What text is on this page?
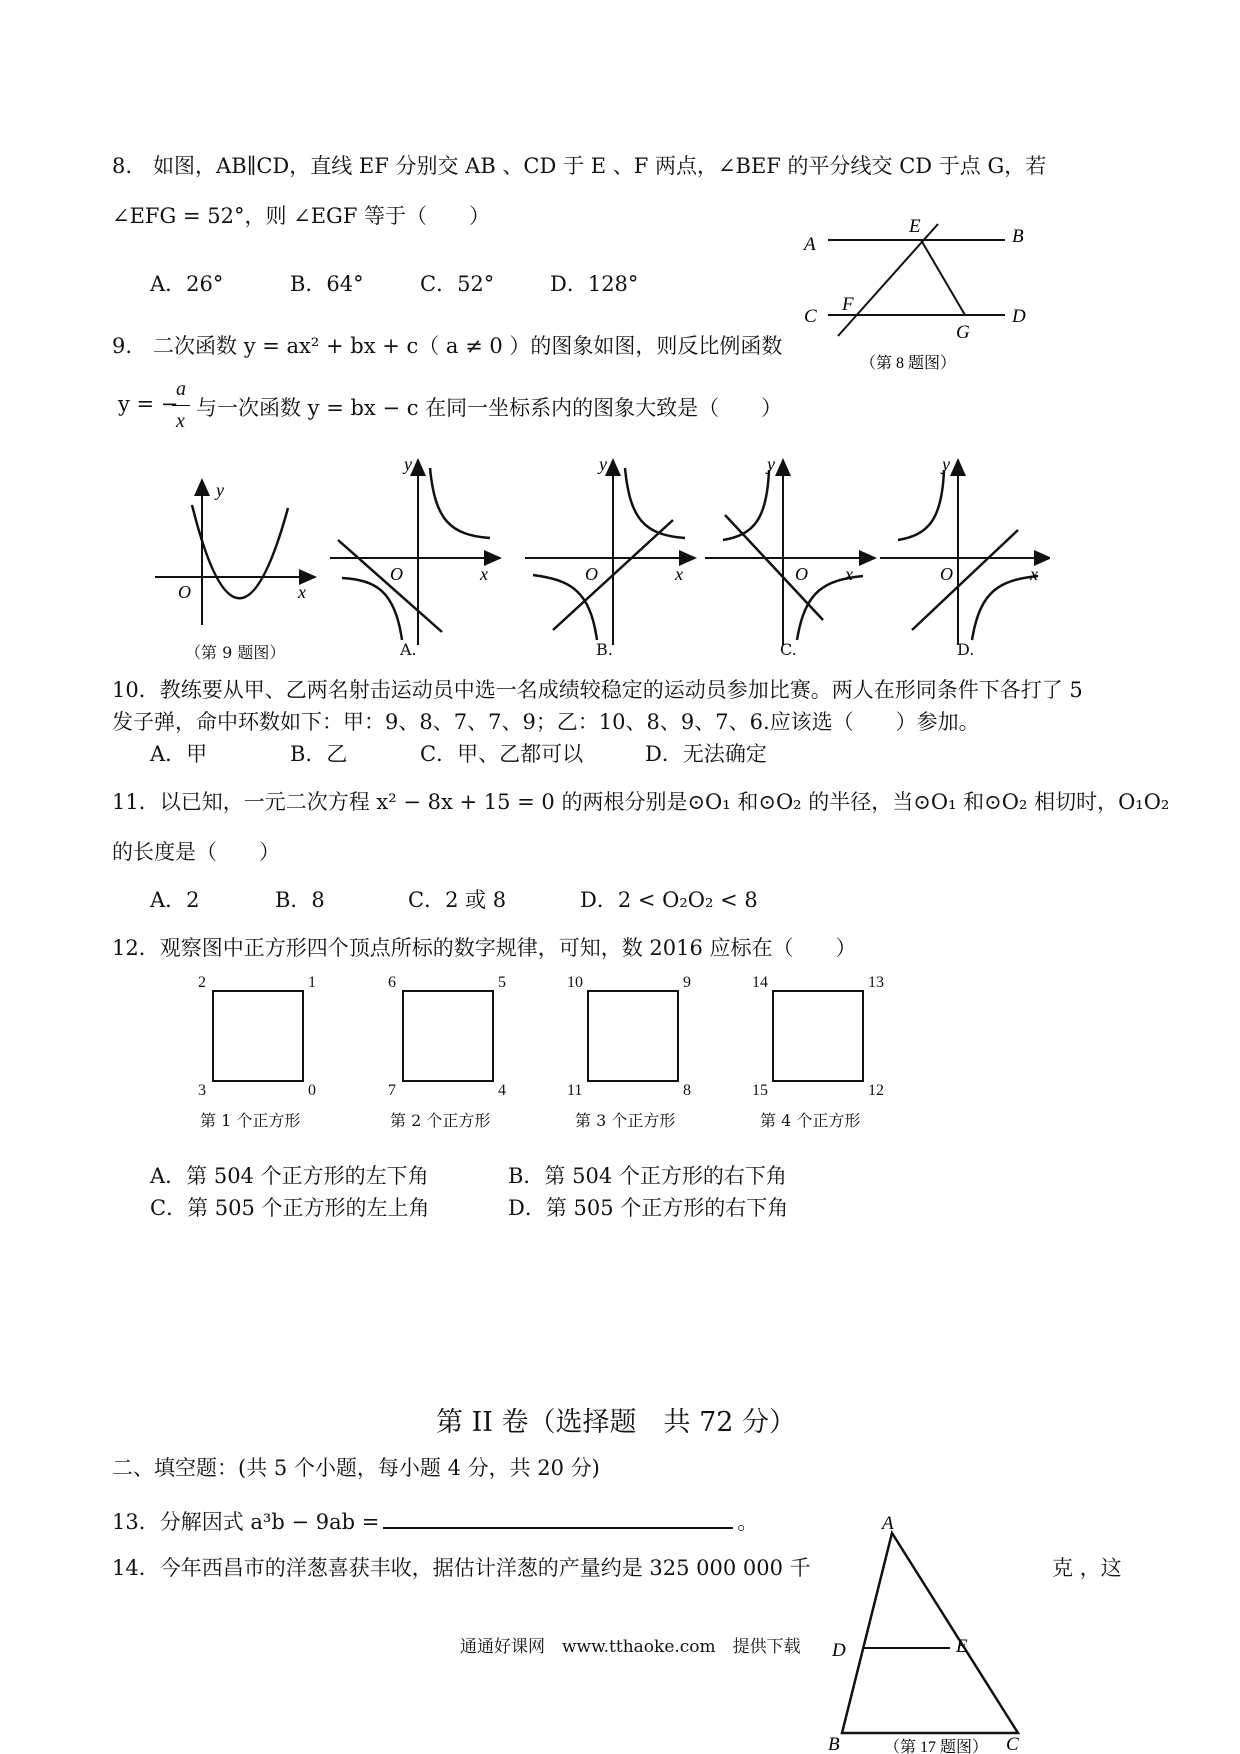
8.　如图，AB∥CD，直线 EF 分别交 AB 、CD 于 E 、F 两点，∠BEF 的平分线交 CD 于点 G，若
∠EFG = 52°，则 ∠EGF 等于（　　）
A．26°	B．64°	C．52°	D．128°
A	B
C	D
E
F
G
（第 8 题图）
9.　二次函数 y = ax² + bx + c（ a ≠ 0 ）的图象如图，则反比例函数
y = −
a
x
与一次函数 y = bx − c 在同一坐标系内的图象大致是（　　）
y
O	x
y
O	x
y
O	x
y
O x
y
O	x
（第 9 题图）	A.	B.	C.	D.
10．教练要从甲、乙两名射击运动员中选一名成绩较稳定的运动员参加比赛。两人在形同条件下各打了 5
发子弹，命中环数如下：甲：9、8、7、7、9；乙：10、8、9、7、6.应该选（　　）参加。
A．甲	B．乙	C．甲、乙都可以	D．无法确定
11．以已知，一元二次方程 x² − 8x + 15 = 0 的两根分别是⊙O₁ 和⊙O₂ 的半径，当⊙O₁ 和⊙O₂ 相切时，O₁O₂
的长度是（　　）
A．2	B．8	C．2 或 8	D．2 < O₂O₂ < 8
12．观察图中正方形四个顶点所标的数字规律，可知，数 2016 应标在（　　）
2	1
3	0
第 1 个正方形
6	5
7	4
第 2 个正方形
10	9
11	8
第 3 个正方形
14	13
15	12
第 4 个正方形
A．第 504 个正方形的左下角	B．第 504 个正方形的右下角
C．第 505 个正方形的左上角	D．第 505 个正方形的右下角
第 II 卷（选择题　共 72 分）
二、填空题：(共 5 个小题，每小题 4 分，共 20 分)
13．分解因式 a³b − 9ab =	。
14．今年西昌市的洋葱喜获丰收，据估计洋葱的产量约是 325 000 000 千	克 ，这
A
B	C
D	E
（第 17 题图）
通通好课网　www.tthaoke.com　提供下载
